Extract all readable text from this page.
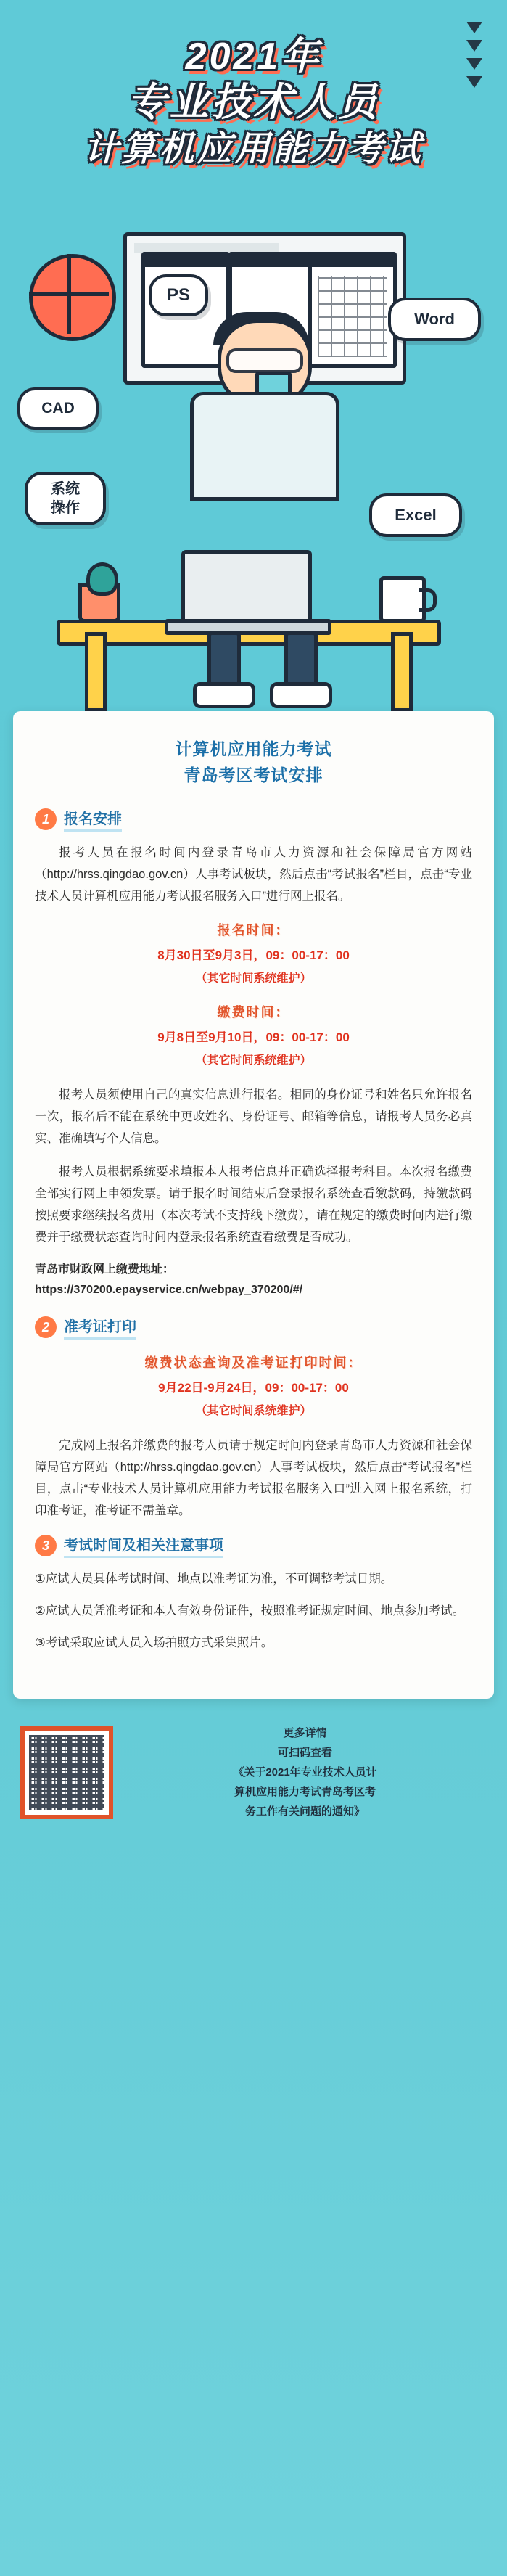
2021年
专业技术人员
计算机应用能力考试
PS
Word
CAD
系统
操作	Excel
计算机应用能力考试
青岛考区考试安排
1	报名安排

报考人员在报名时间内登录青岛市人力资源和社会保障局官方网站（http://hrss.qingdao.gov.cn）人事考试板块，然后点击“考试报名”栏目，点击“专业技术人员计算机应用能力考试报名服务入口”进行网上报名。

报名时间：
8月30日至9月3日，09：00-17：00
（其它时间系统维护）
缴费时间：
9月8日至9月10日，09：00-17：00
（其它时间系统维护）

报考人员须使用自己的真实信息进行报名。相同的身份证号和姓名只允许报名一次，报名后不能在系统中更改姓名、身份证号、邮箱等信息，请报考人员务必真实、准确填写个人信息。

报考人员根据系统要求填报本人报考信息并正确选择报考科目。本次报名缴费全部实行网上申领发票。请于报名时间结束后登录报名系统查看缴款码，持缴款码按照要求继续报名费用（本次考试不支持线下缴费），请在规定的缴费时间内进行缴费并于缴费状态查询时间内登录报名系统查看缴费是否成功。

青岛市财政网上缴费地址：

https://370200.epayservice.cn/webpay_370200/#/

2	准考证打印
缴费状态查询及准考证打印时间：
9月22日-9月24日，09：00-17：00
（其它时间系统维护）

完成网上报名并缴费的报考人员请于规定时间内登录青岛市人力资源和社会保障局官方网站（http://hrss.qingdao.gov.cn）人事考试板块，然后点击“考试报名”栏目，点击“专业技术人员计算机应用能力考试报名服务入口”进入网上报名系统，打印准考证，准考证不需盖章。

3	考试时间及相关注意事项

①应试人员具体考试时间、地点以准考证为准，不可调整考试日期。

②应试人员凭准考证和本人有效身份证件，按照准考证规定时间、地点参加考试。

③考试采取应试人员入场拍照方式采集照片。

更多详情
可扫码查看
《关于2021年专业技术人员计
算机应用能力考试青岛考区考
务工作有关问题的通知》
